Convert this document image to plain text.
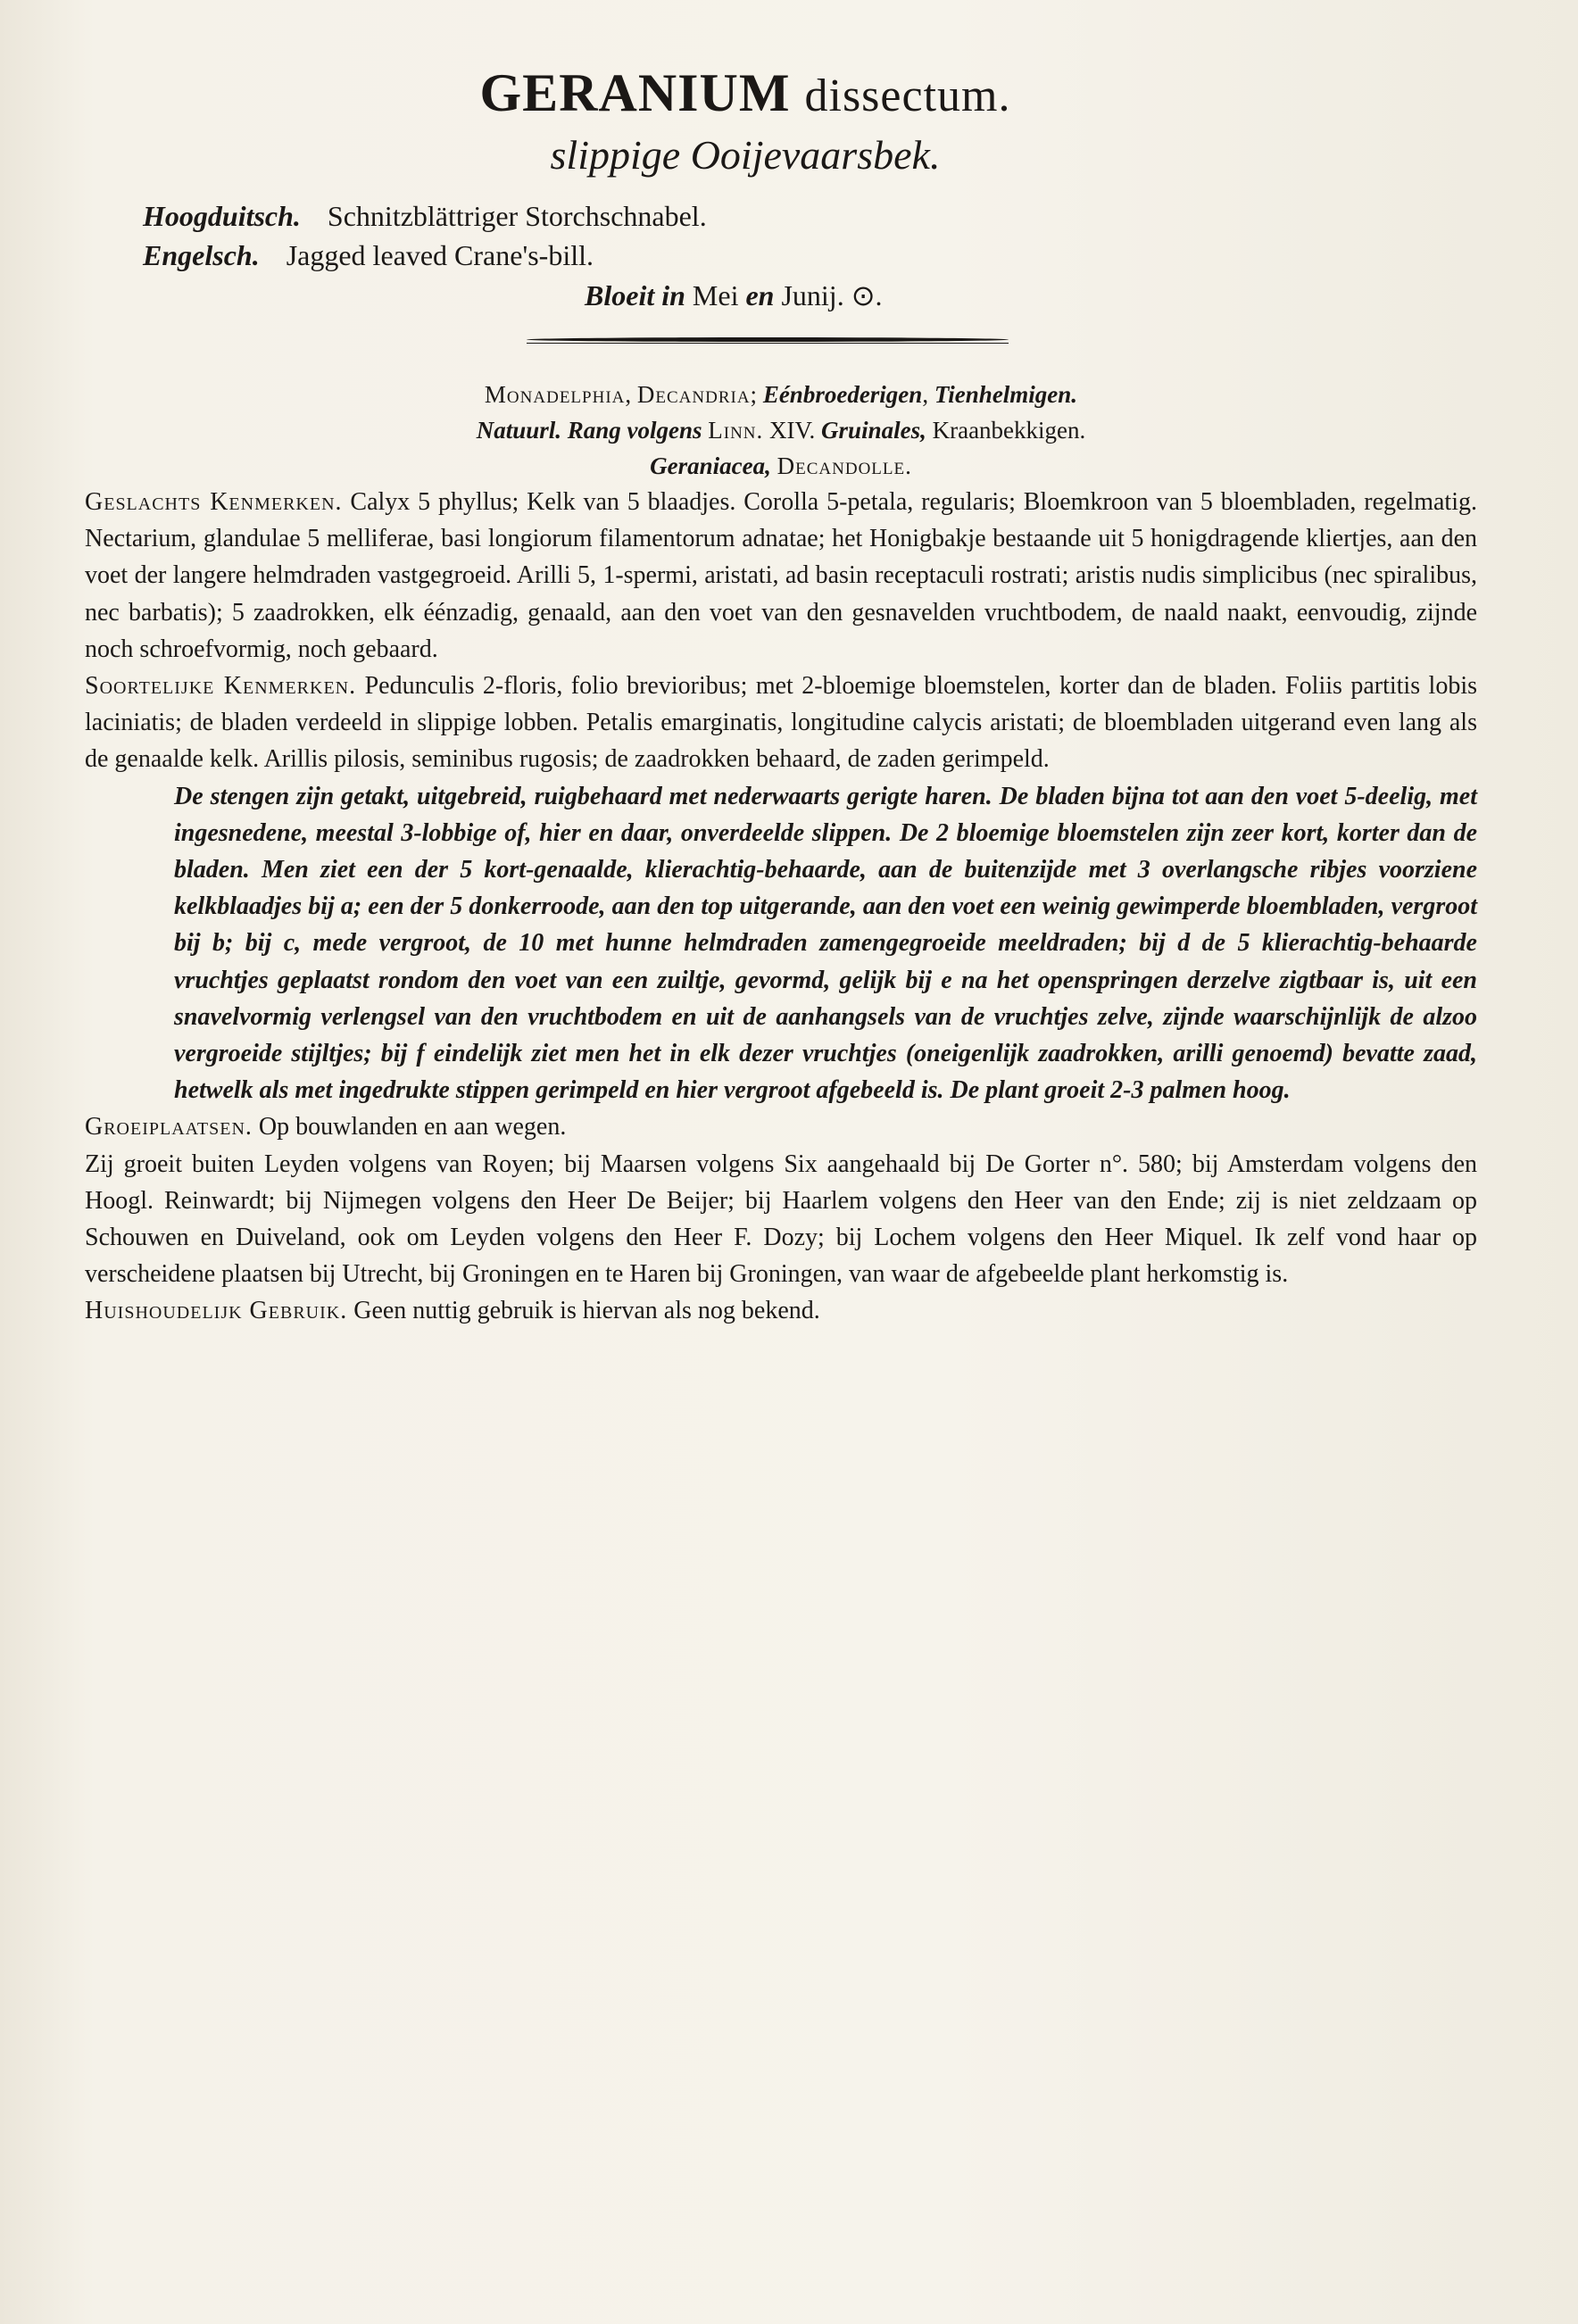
GERANIUM dissectum.
slippige Ooijevaarsbek.
Hoogduitsch. Schnitzblättriger Storchschnabel.
Engelsch. Jagged leaved Crane's-bill.
Bloeit in Mei en Junij. ⊙.
Monadelphia, Decandria; Eénbroederigen, Tienhelmigen.
Natuurl. Rang volgens Linn. XIV. Gruinales, Kraanbekkigen.
Geraniacea, Decandolle.

Geslachts Kenmerken. Calyx 5 phyllus; Kelk van 5 blaadjes. Corolla 5-petala, regularis; Bloemkroon van 5 bloembladen, regelmatig. Nectarium, glandulae 5 melliferae, basi longiorum filamentorum adnatae; het Honigbakje bestaande uit 5 honigdragende kliertjes, aan den voet der langere helmdraden vastgegroeid. Arilli 5, 1-spermi, aristati, ad basin receptaculi rostrati; aristis nudis simplicibus (nec spiralibus, nec barbatis); 5 zaadrokken, elk éénzadig, genaald, aan den voet van den gesnavelden vruchtbodem, de naald naakt, eenvoudig, zijnde noch schroefvormig, noch gebaard.

Soortelijke Kenmerken. Pedunculis 2-floris, folio brevioribus; met 2-bloemige bloemstelen, korter dan de bladen. Foliis partitis lobis laciniatis; de bladen verdeeld in slippige lobben. Petalis emarginatis, longitudine calycis aristati; de bloembladen uitgerand even lang als de genaalde kelk. Arillis pilosis, seminibus rugosis; de zaadrokken behaard, de zaden gerimpeld.

De stengen zijn getakt, uitgebreid, ruigbehaard met nederwaarts gerigte haren. De bladen bijna tot aan den voet 5-deelig, met ingesnedene, meestal 3-lobbige of, hier en daar, onverdeelde slippen. De 2 bloemige bloemstelen zijn zeer kort, korter dan de bladen. Men ziet een der 5 kort-genaalde, klierachtig-behaarde, aan de buitenzijde met 3 overlangsche ribjes voorziene kelkblaadjes bij a; een der 5 donkerroode, aan den top uitgerande, aan den voet een weinig gewimperde bloembladen, vergroot bij b; bij c, mede vergroot, de 10 met hunne helmdraden zamengegroeide meeldraden; bij d de 5 klierachtig-behaarde vruchtjes geplaatst rondom den voet van een zuiltje, gevormd, gelijk bij e na het openspringen derzelve zigtbaar is, uit een snavelvormig verlengsel van den vruchtbodem en uit de aanhangsels van de vruchtjes zelve, zijnde waarschijnlijk de alzoo vergroeide stijltjes; bij f eindelijk ziet men het in elk dezer vruchtjes (oneigenlijk zaadrokken, arilli genoemd) bevatte zaad, hetwelk als met ingedrukte stippen gerimpeld en hier vergroot afgebeeld is. De plant groeit 2-3 palmen hoog.

Groeiplaatsen. Op bouwlanden en aan wegen.

Zij groeit buiten Leyden volgens van Royen; bij Maarsen volgens Six aangehaald bij De Gorter n°. 580; bij Amsterdam volgens den Hoogl. Reinwardt; bij Nijmegen volgens den Heer De Beijer; bij Haarlem volgens den Heer van den Ende; zij is niet zeldzaam op Schouwen en Duiveland, ook om Leyden volgens den Heer F. Dozy; bij Lochem volgens den Heer Miquel. Ik zelf vond haar op verscheidene plaatsen bij Utrecht, bij Groningen en te Haren bij Groningen, van waar de afgebeelde plant herkomstig is.

Huishoudelijk Gebruik. Geen nuttig gebruik is hiervan als nog bekend.
